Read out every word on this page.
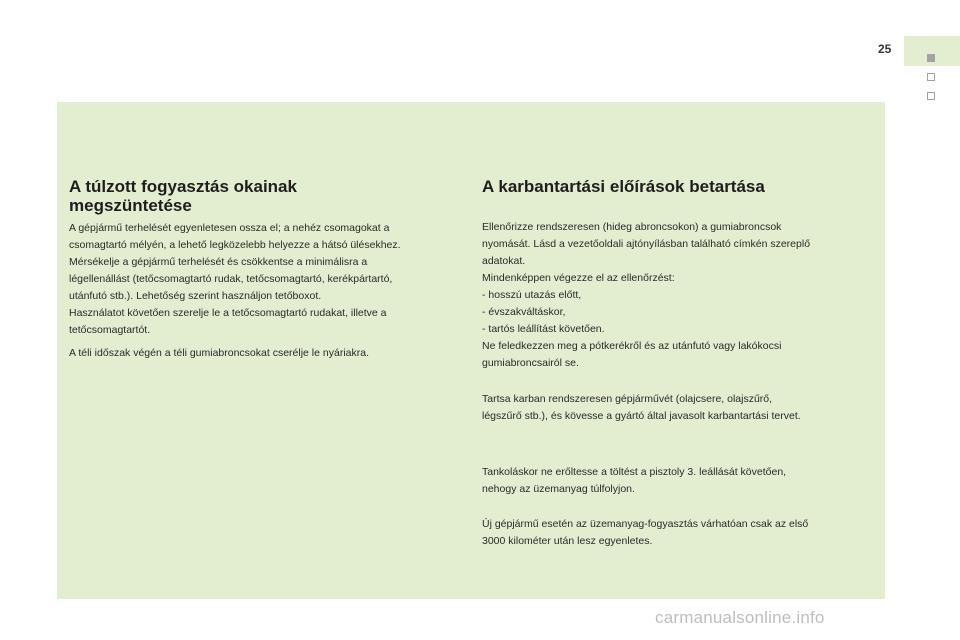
25
A túlzott fogyasztás okainak
megszüntetése

A gépjármű terhelését egyenletesen ossza el; a nehéz csomagokat a
csomagtartó mélyén, a lehető legközelebb helyezze a hátsó ülésekhez.
Mérsékelje a gépjármű terhelését és csökkentse a minimálisra a
légellenállást (tetőcsomagtartó rudak, tetőcsomagtartó, kerékpártartó,
utánfutó stb.). Lehetőség szerint használjon tetőboxot.
Használatot követően szerelje le a tetőcsomagtartó rudakat, illetve a
tetőcsomagtartót.

A téli időszak végén a téli gumiabroncsokat cserélje le nyáriakra.

A karbantartási előírások betartása

Ellenőrizze rendszeresen (hideg abroncsokon) a gumiabroncsok
nyomását. Lásd a vezetőoldali ajtónyílásban található címkén szereplő
adatokat.
Mindenképpen végezze el az ellenőrzést:
- hosszú utazás előtt,
- évszakváltáskor,
- tartós leállítást követően.
Ne feledkezzen meg a pótkerékről és az utánfutó vagy lakókocsi
gumiabroncsairól se.

Tartsa karban rendszeresen gépjárművét (olajcsere, olajszűrő,
légszűrő stb.), és kövesse a gyártó által javasolt karbantartási tervet.

Tankoláskor ne erőltesse a töltést a pisztoly 3. leállását követően,
nehogy az üzemanyag túlfolyjon.

Új gépjármű esetén az üzemanyag-fogyasztás várhatóan csak az első
3000 kilométer után lesz egyenletes.

carmanualsonline.info
